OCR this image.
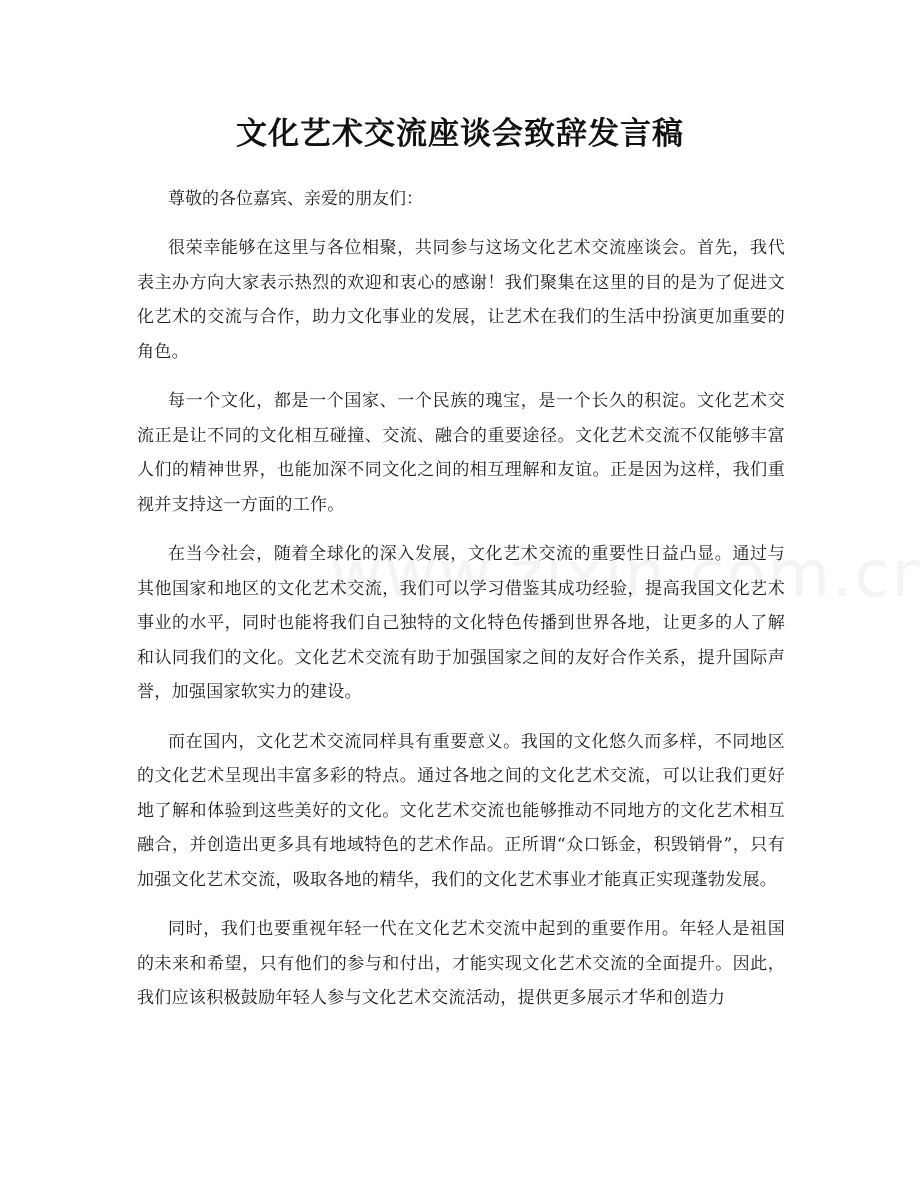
文化艺术交流座谈会致辞发言稿

尊敬的各位嘉宾、亲爱的朋友们：

很荣幸能够在这里与各位相聚，共同参与这场文化艺术交流座谈会。首先，我代表主办方向大家表示热烈的欢迎和衷心的感谢！我们聚集在这里的目的是为了促进文化艺术的交流与合作，助力文化事业的发展，让艺术在我们的生活中扮演更加重要的角色。

每一个文化，都是一个国家、一个民族的瑰宝，是一个长久的积淀。文化艺术交流正是让不同的文化相互碰撞、交流、融合的重要途径。文化艺术交流不仅能够丰富人们的精神世界，也能加深不同文化之间的相互理解和友谊。正是因为这样，我们重视并支持这一方面的工作。

在当今社会，随着全球化的深入发展，文化艺术交流的重要性日益凸显。通过与其他国家和地区的文化艺术交流，我们可以学习借鉴其成功经验，提高我国文化艺术事业的水平，同时也能将我们自己独特的文化特色传播到世界各地，让更多的人了解和认同我们的文化。文化艺术交流有助于加强国家之间的友好合作关系，提升国际声誉，加强国家软实力的建设。

而在国内，文化艺术交流同样具有重要意义。我国的文化悠久而多样，不同地区的文化艺术呈现出丰富多彩的特点。通过各地之间的文化艺术交流，可以让我们更好地了解和体验到这些美好的文化。文化艺术交流也能够推动不同地方的文化艺术相互融合，并创造出更多具有地域特色的艺术作品。正所谓“众口铄金，积毁销骨”，只有加强文化艺术交流，吸取各地的精华，我们的文化艺术事业才能真正实现蓬勃发展。

同时，我们也要重视年轻一代在文化艺术交流中起到的重要作用。年轻人是祖国的未来和希望，只有他们的参与和付出，才能实现文化艺术交流的全面提升。因此，我们应该积极鼓励年轻人参与文化艺术交流活动，提供更多展示才华和创造力
